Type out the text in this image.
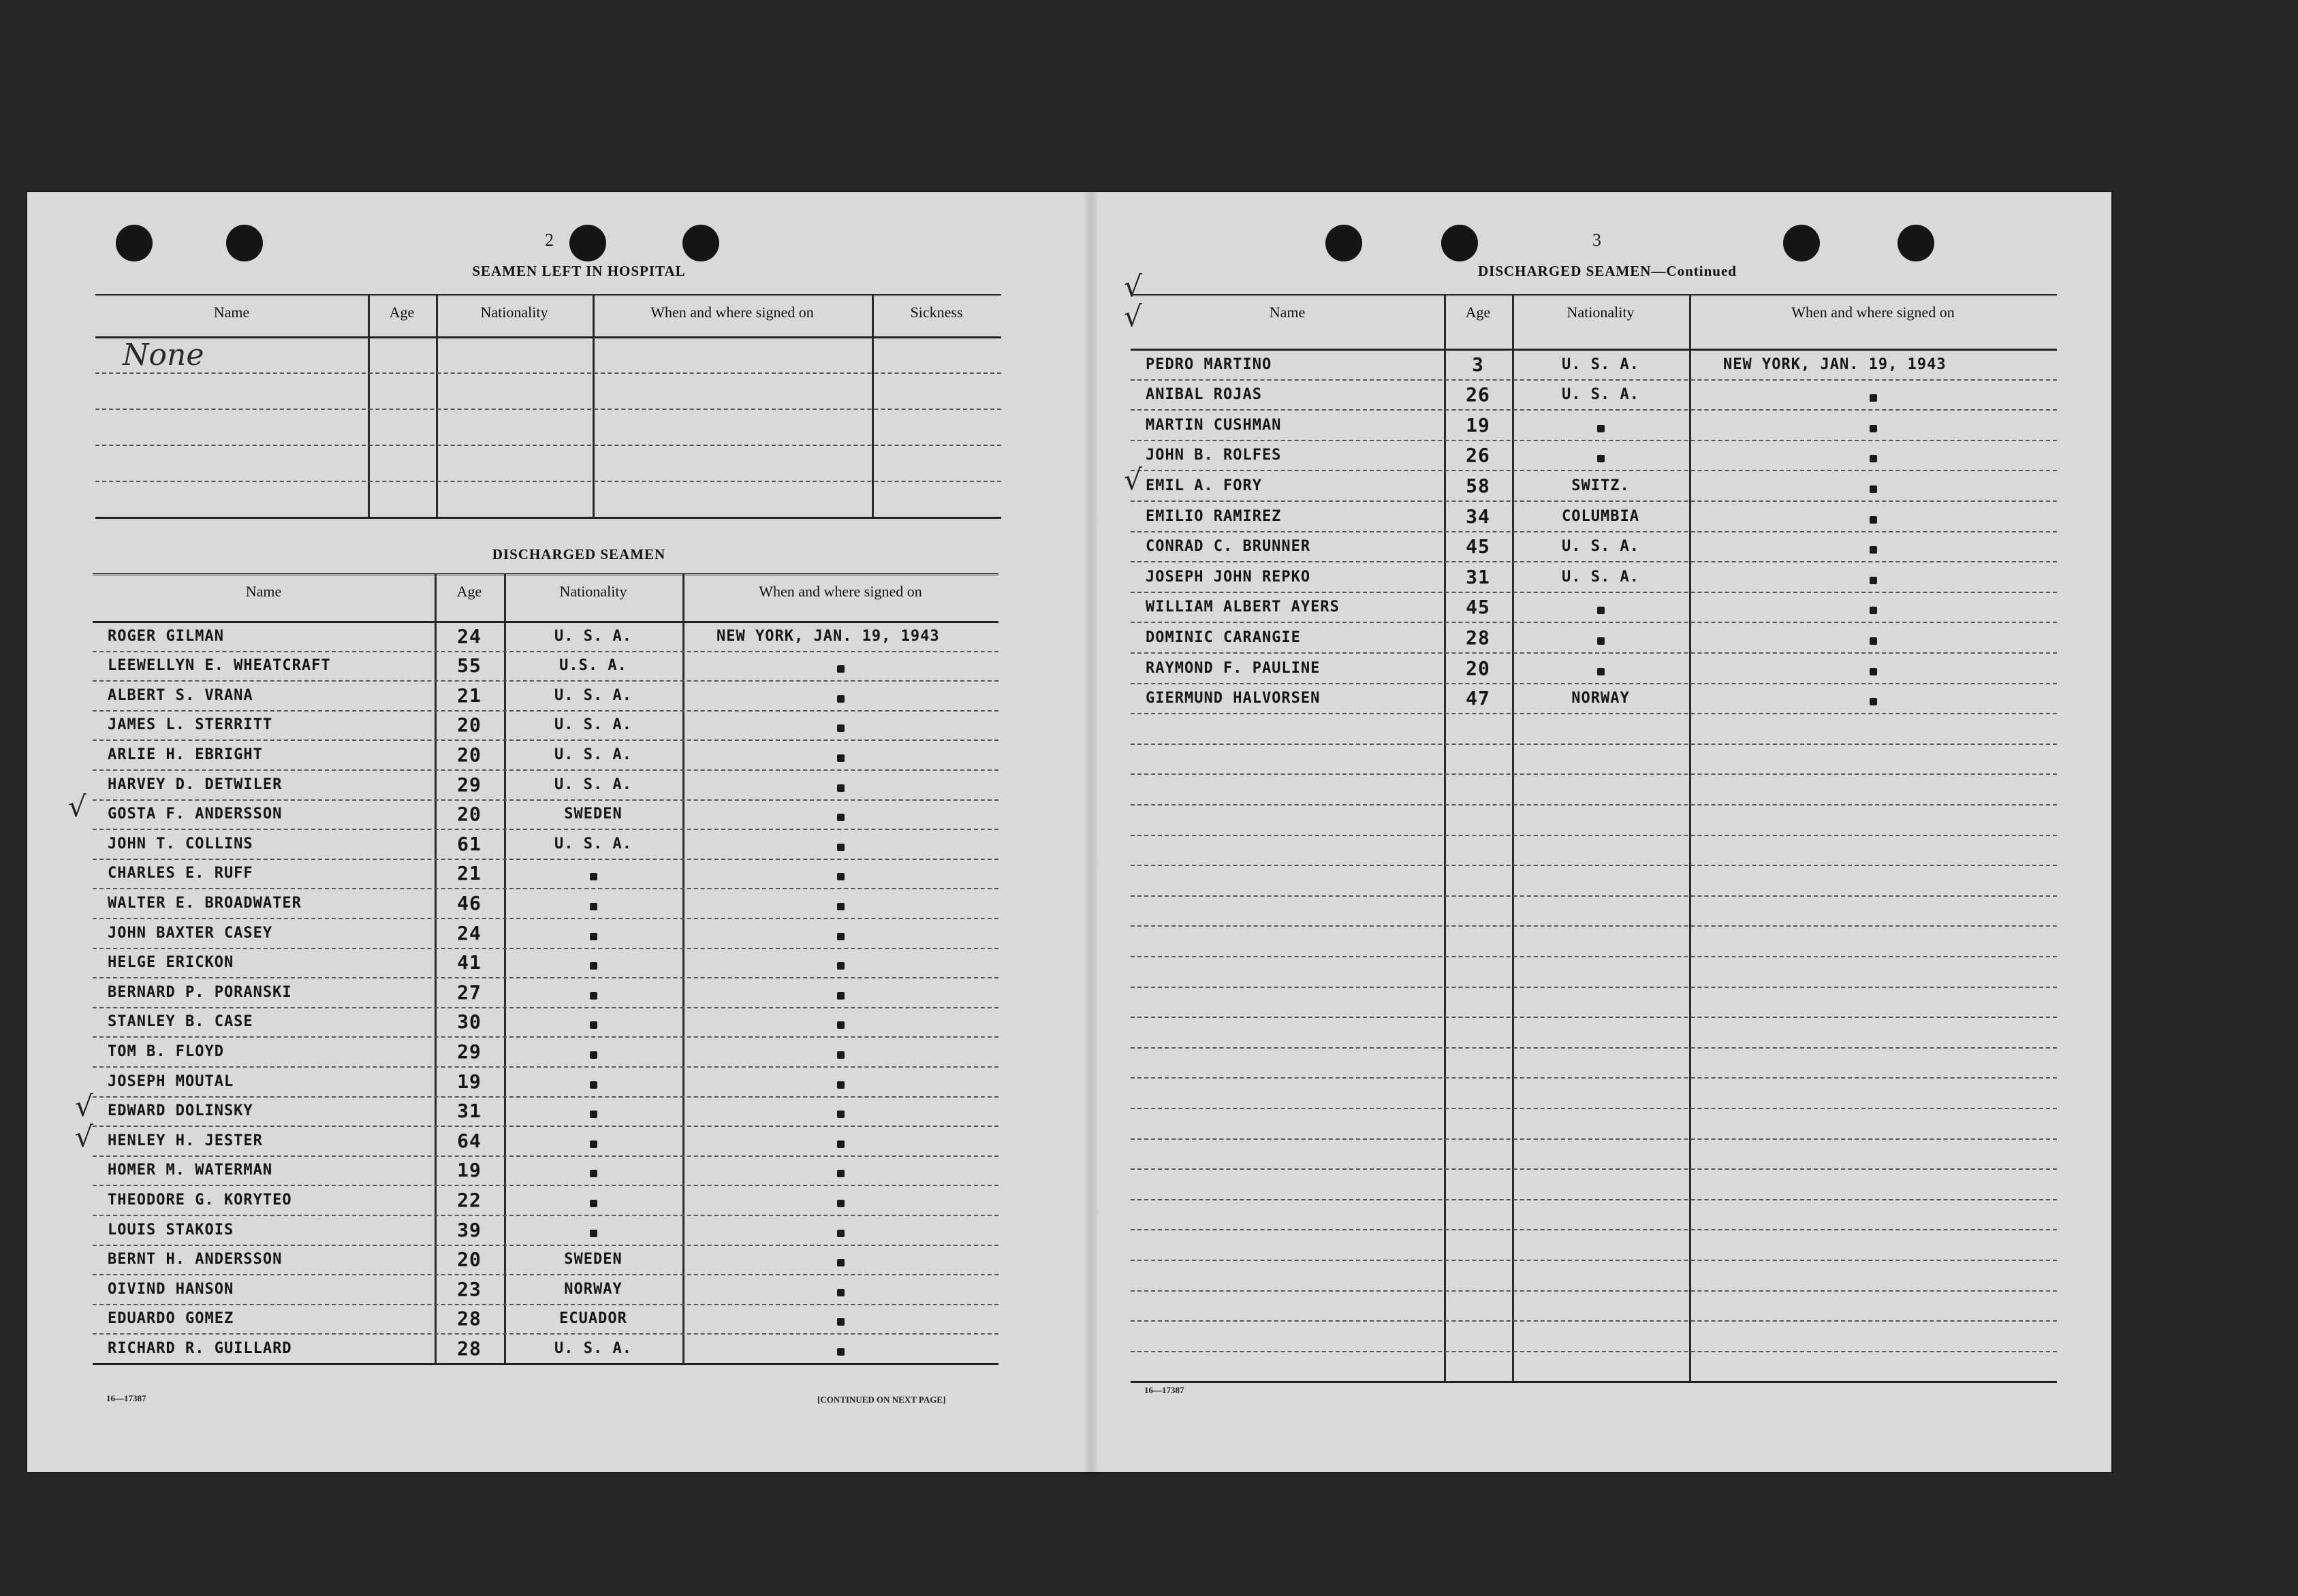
2
SEAMEN LEFT IN HOSPITAL
Name	Age	Nationality	When and where signed on	Sickness
None
DISCHARGED SEAMEN
Name	Age	Nationality	When and where signed on
ROGER GILMAN	24	U. S. A.	NEW YORK, JAN. 19, 1943
LEEWELLYN E. WHEATCRAFT	55	U.S. A.
ALBERT S. VRANA	21	U. S. A.
JAMES L. STERRITT	20	U. S. A.
ARLIE H. EBRIGHT	20	U. S. A.
HARVEY D. DETWILER	29	U. S. A.
GOSTA F. ANDERSSON	20	SWEDEN
JOHN T. COLLINS	61	U. S. A.
CHARLES E. RUFF	21
WALTER E. BROADWATER	46
JOHN BAXTER CASEY	24
HELGE ERICKON	41
BERNARD P. PORANSKI	27
STANLEY B. CASE	30
TOM B. FLOYD	29
JOSEPH MOUTAL	19
EDWARD DOLINSKY	31
HENLEY H. JESTER	64
HOMER M. WATERMAN	19
THEODORE G. KORYTEO	22
LOUIS STAKOIS	39
BERNT H. ANDERSSON	20	SWEDEN
OIVIND HANSON	23	NORWAY
EDUARDO GOMEZ	28	ECUADOR
RICHARD R. GUILLARD	28	U. S. A.
16—17387	[CONTINUED ON NEXT PAGE]
3
DISCHARGED SEAMEN—Continued
Name	Age	Nationality	When and where signed on
PEDRO MARTINO	3	U. S. A.	NEW YORK, JAN. 19, 1943
ANIBAL ROJAS	26	U. S. A.
MARTIN CUSHMAN	19
JOHN B. ROLFES	26
EMIL A. FORY	58	SWITZ.
EMILIO RAMIREZ	34	COLUMBIA
CONRAD C. BRUNNER	45	U. S. A.
JOSEPH JOHN REPKO	31	U. S. A.
WILLIAM ALBERT AYERS	45
DOMINIC CARANGIE	28
RAYMOND F. PAULINE	20
GIERMUND HALVORSEN	47	NORWAY
16—17387
√
√
√
√
√
√
